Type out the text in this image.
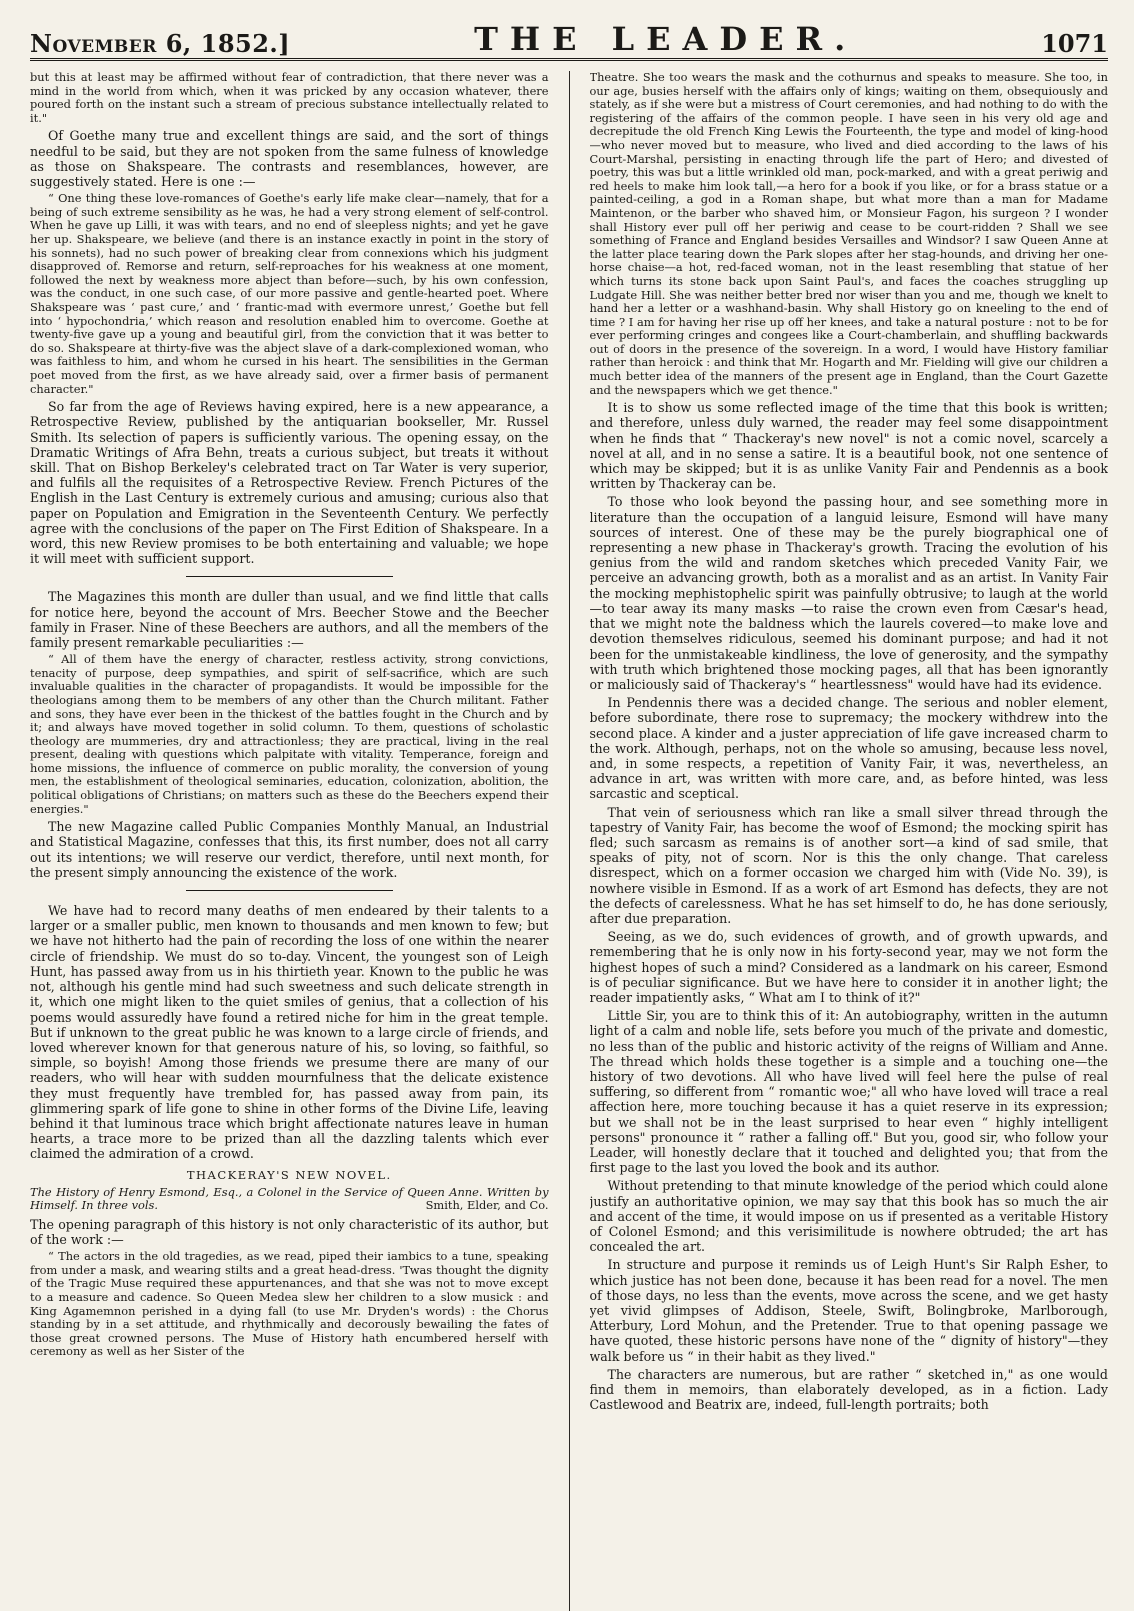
November 6, 1852.]	THE LEADER.	1071

but this at least may be affirmed without fear of contradiction, that there never was a mind in the world from which, when it was pricked by any occasion whatever, there poured forth on the instant such a stream of precious substance intellectually related to it."

Of Goethe many true and excellent things are said, and the sort of things needful to be said, but they are not spoken from the same fulness of knowledge as those on Shakspeare. The contrasts and resemblances, however, are suggestively stated. Here is one :—

“ One thing these love-romances of Goethe's early life make clear—namely, that for a being of such extreme sensibility as he was, he had a very strong element of self-control. When he gave up Lilli, it was with tears, and no end of sleepless nights; and yet he gave her up. Shakspeare, we believe (and there is an instance exactly in point in the story of his sonnets), had no such power of breaking clear from connexions which his judgment disapproved of. Remorse and return, self-reproaches for his weakness at one moment, followed the next by weakness more abject than before—such, by his own confession, was the conduct, in one such case, of our more passive and gentle-hearted poet. Where Shakspeare was ‘ past cure,’ and ‘ frantic-mad with evermore unrest,’ Goethe but fell into ‘ hypochondria,’ which reason and resolution enabled him to overcome. Goethe at twenty-five gave up a young and beautiful girl, from the conviction that it was better to do so. Shakspeare at thirty-five was the abject slave of a dark-complexioned woman, who was faithless to him, and whom he cursed in his heart. The sensibilities in the German poet moved from the first, as we have already said, over a firmer basis of permanent character."

So far from the age of Reviews having expired, here is a new appearance, a Retrospective Review, published by the antiquarian bookseller, Mr. Russel Smith. Its selection of papers is sufficiently various. The opening essay, on the Dramatic Writings of Afra Behn, treats a curious subject, but treats it without skill. That on Bishop Berkeley's celebrated tract on Tar Water is very superior, and fulfils all the requisites of a Retrospective Review. French Pictures of the English in the Last Century is extremely curious and amusing; curious also that paper on Population and Emigration in the Seventeenth Century. We perfectly agree with the conclusions of the paper on The First Edition of Shakspeare. In a word, this new Review promises to be both entertaining and valuable; we hope it will meet with sufficient support.

The Magazines this month are duller than usual, and we find little that calls for notice here, beyond the account of Mrs. Beecher Stowe and the Beecher family in Fraser. Nine of these Beechers are authors, and all the members of the family present remarkable peculiarities :—

“ All of them have the energy of character, restless activity, strong convictions, tenacity of purpose, deep sympathies, and spirit of self-sacrifice, which are such invaluable qualities in the character of propagandists. It would be impossible for the theologians among them to be members of any other than the Church militant. Father and sons, they have ever been in the thickest of the battles fought in the Church and by it; and always have moved together in solid column. To them, questions of scholastic theology are mummeries, dry and attractionless; they are practical, living in the real present, dealing with questions which palpitate with vitality. Temperance, foreign and home missions, the influence of commerce on public morality, the conversion of young men, the establishment of theological seminaries, education, colonization, abolition, the political obligations of Christians; on matters such as these do the Beechers expend their energies."

The new Magazine called Public Companies Monthly Manual, an Industrial and Statistical Magazine, confesses that this, its first number, does not all carry out its intentions; we will reserve our verdict, therefore, until next month, for the present simply announcing the existence of the work.

We have had to record many deaths of men endeared by their talents to a larger or a smaller public, men known to thousands and men known to few; but we have not hitherto had the pain of recording the loss of one within the nearer circle of friendship. We must do so to-day. Vincent, the youngest son of Leigh Hunt, has passed away from us in his thirtieth year. Known to the public he was not, although his gentle mind had such sweetness and such delicate strength in it, which one might liken to the quiet smiles of genius, that a collection of his poems would assuredly have found a retired niche for him in the great temple. But if unknown to the great public he was known to a large circle of friends, and loved wherever known for that generous nature of his, so loving, so faithful, so simple, so boyish! Among those friends we presume there are many of our readers, who will hear with sudden mournfulness that the delicate existence they must frequently have trembled for, has passed away from pain, its glimmering spark of life gone to shine in other forms of the Divine Life, leaving behind it that luminous trace which bright affectionate natures leave in human hearts, a trace more to be prized than all the dazzling talents which ever claimed the admiration of a crowd.

THACKERAY'S NEW NOVEL.

The History of Henry Esmond, Esq., a Colonel in the Service of Queen Anne. Written by Himself. In three vols.	Smith, Elder, and Co.

The opening paragraph of this history is not only characteristic of its author, but of the work :—

“ The actors in the old tragedies, as we read, piped their iambics to a tune, speaking from under a mask, and wearing stilts and a great head-dress. 'Twas thought the dignity of the Tragic Muse required these appurtenances, and that she was not to move except to a measure and cadence. So Queen Medea slew her children to a slow musick : and King Agamemnon perished in a dying fall (to use Mr. Dryden's words) : the Chorus standing by in a set attitude, and rhythmically and decorously bewailing the fates of those great crowned persons. The Muse of History hath encumbered herself with ceremony as well as her Sister of the

Theatre. She too wears the mask and the cothurnus and speaks to measure. She too, in our age, busies herself with the affairs only of kings; waiting on them, obsequiously and stately, as if she were but a mistress of Court ceremonies, and had nothing to do with the registering of the affairs of the common people. I have seen in his very old age and decrepitude the old French King Lewis the Fourteenth, the type and model of king-hood—who never moved but to measure, who lived and died according to the laws of his Court-Marshal, persisting in enacting through life the part of Hero; and divested of poetry, this was but a little wrinkled old man, pock-marked, and with a great periwig and red heels to make him look tall,—a hero for a book if you like, or for a brass statue or a painted-ceiling, a god in a Roman shape, but what more than a man for Madame Maintenon, or the barber who shaved him, or Monsieur Fagon, his surgeon ? I wonder shall History ever pull off her periwig and cease to be court-ridden ? Shall we see something of France and England besides Versailles and Windsor? I saw Queen Anne at the latter place tearing down the Park slopes after her stag-hounds, and driving her one-horse chaise—a hot, red-faced woman, not in the least resembling that statue of her which turns its stone back upon Saint Paul's, and faces the coaches struggling up Ludgate Hill. She was neither better bred nor wiser than you and me, though we knelt to hand her a letter or a washhand-basin. Why shall History go on kneeling to the end of time ? I am for having her rise up off her knees, and take a natural posture : not to be for ever performing cringes and congees like a Court-chamberlain, and shuffling backwards out of doors in the presence of the sovereign. In a word, I would have History familiar rather than heroick : and think that Mr. Hogarth and Mr. Fielding will give our children a much better idea of the manners of the present age in England, than the Court Gazette and the newspapers which we get thence."

It is to show us some reflected image of the time that this book is written; and therefore, unless duly warned, the reader may feel some disappointment when he finds that “ Thackeray's new novel" is not a comic novel, scarcely a novel at all, and in no sense a satire. It is a beautiful book, not one sentence of which may be skipped; but it is as unlike Vanity Fair and Pendennis as a book written by Thackeray can be.

To those who look beyond the passing hour, and see something more in literature than the occupation of a languid leisure, Esmond will have many sources of interest. One of these may be the purely biographical one of representing a new phase in Thackeray's growth. Tracing the evolution of his genius from the wild and random sketches which preceded Vanity Fair, we perceive an advancing growth, both as a moralist and as an artist. In Vanity Fair the mocking mephistophelic spirit was painfully obtrusive; to laugh at the world—to tear away its many masks —to raise the crown even from Cæsar's head, that we might note the baldness which the laurels covered—to make love and devotion themselves ridiculous, seemed his dominant purpose; and had it not been for the unmistakeable kindliness, the love of generosity, and the sympathy with truth which brightened those mocking pages, all that has been ignorantly or maliciously said of Thackeray's “ heartlessness" would have had its evidence.

In Pendennis there was a decided change. The serious and nobler element, before subordinate, there rose to supremacy; the mockery withdrew into the second place. A kinder and a juster appreciation of life gave increased charm to the work. Although, perhaps, not on the whole so amusing, because less novel, and, in some respects, a repetition of Vanity Fair, it was, nevertheless, an advance in art, was written with more care, and, as before hinted, was less sarcastic and sceptical.

That vein of seriousness which ran like a small silver thread through the tapestry of Vanity Fair, has become the woof of Esmond; the mocking spirit has fled; such sarcasm as remains is of another sort—a kind of sad smile, that speaks of pity, not of scorn. Nor is this the only change. That careless disrespect, which on a former occasion we charged him with (Vide No. 39), is nowhere visible in Esmond. If as a work of art Esmond has defects, they are not the defects of carelessness. What he has set himself to do, he has done seriously, after due preparation.

Seeing, as we do, such evidences of growth, and of growth upwards, and remembering that he is only now in his forty-second year, may we not form the highest hopes of such a mind? Considered as a landmark on his career, Esmond is of peculiar significance. But we have here to consider it in another light; the reader impatiently asks, “ What am I to think of it?"

Little Sir, you are to think this of it: An autobiography, written in the autumn light of a calm and noble life, sets before you much of the private and domestic, no less than of the public and historic activity of the reigns of William and Anne. The thread which holds these together is a simple and a touching one—the history of two devotions. All who have lived will feel here the pulse of real suffering, so different from “ romantic woe;" all who have loved will trace a real affection here, more touching because it has a quiet reserve in its expression; but we shall not be in the least surprised to hear even “ highly intelligent persons" pronounce it “ rather a falling off." But you, good sir, who follow your Leader, will honestly declare that it touched and delighted you; that from the first page to the last you loved the book and its author.

Without pretending to that minute knowledge of the period which could alone justify an authoritative opinion, we may say that this book has so much the air and accent of the time, it would impose on us if presented as a veritable History of Colonel Esmond; and this verisimilitude is nowhere obtruded; the art has concealed the art.

In structure and purpose it reminds us of Leigh Hunt's Sir Ralph Esher, to which justice has not been done, because it has been read for a novel. The men of those days, no less than the events, move across the scene, and we get hasty yet vivid glimpses of Addison, Steele, Swift, Bolingbroke, Marlborough, Atterbury, Lord Mohun, and the Pretender. True to that opening passage we have quoted, these historic persons have none of the “ dignity of history"—they walk before us “ in their habit as they lived."

The characters are numerous, but are rather “ sketched in," as one would find them in memoirs, than elaborately developed, as in a fiction. Lady Castlewood and Beatrix are, indeed, full-length portraits; both
